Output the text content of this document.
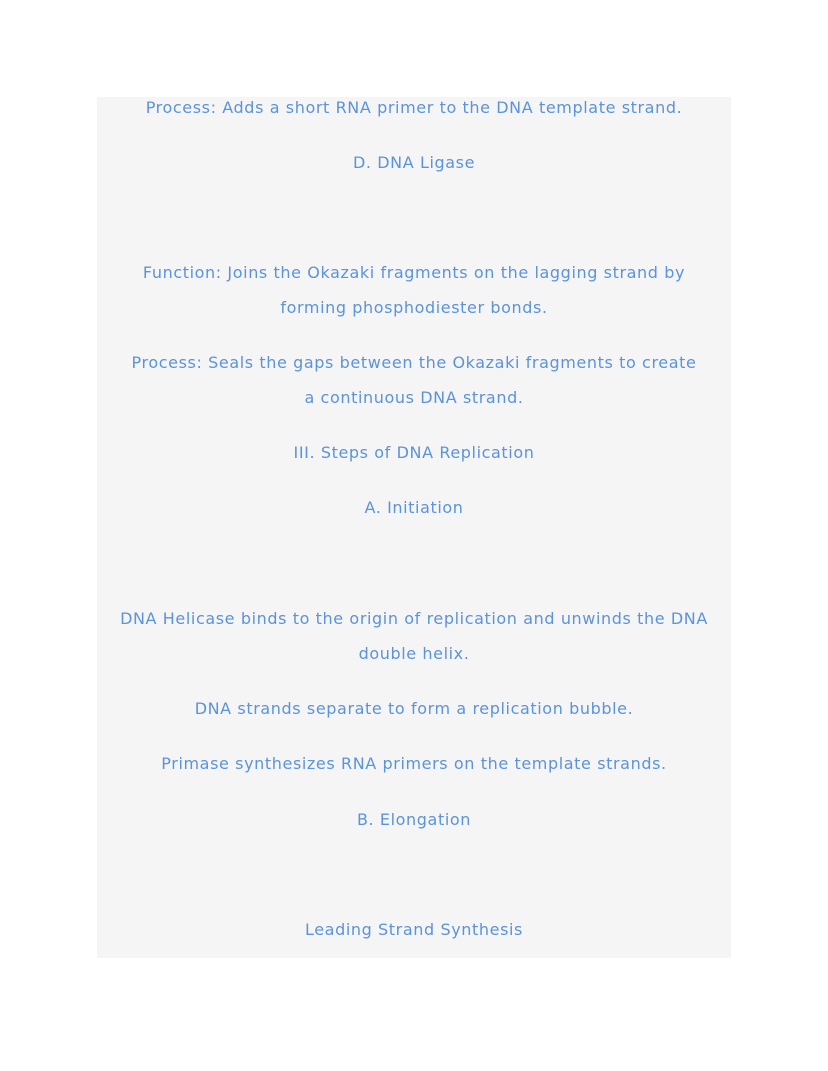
Process: Adds a short RNA primer to the DNA template strand.
D. DNA Ligase
Function: Joins the Okazaki fragments on the lagging strand by
forming phosphodiester bonds.
Process: Seals the gaps between the Okazaki fragments to create
a continuous DNA strand.
III. Steps of DNA Replication
A. Initiation
DNA Helicase binds to the origin of replication and unwinds the DNA
double helix.
DNA strands separate to form a replication bubble.
Primase synthesizes RNA primers on the template strands.
B. Elongation
Leading Strand Synthesis
